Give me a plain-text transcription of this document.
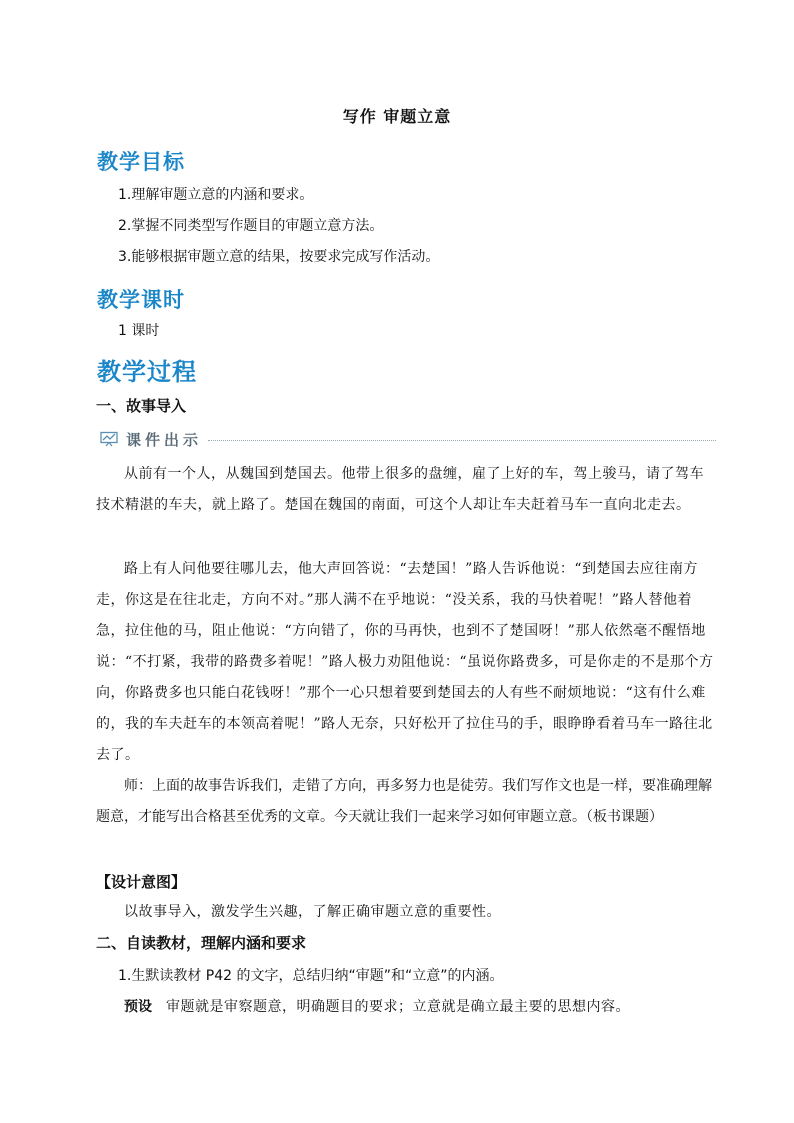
写作 审题立意
教学目标
1.理解审题立意的内涵和要求。
2.掌握不同类型写作题目的审题立意方法。
3.能够根据审题立意的结果，按要求完成写作活动。
教学课时
1 课时
教学过程
一、故事导入
课件出示
从前有一个人，从魏国到楚国去。他带上很多的盘缠，雇了上好的车，驾上骏马，请了驾车技术精湛的车夫，就上路了。楚国在魏国的南面，可这个人却让车夫赶着马车一直向北走去。
路上有人问他要往哪儿去，他大声回答说：“去楚国！”路人告诉他说：“到楚国去应往南方走，你这是在往北走，方向不对。”那人满不在乎地说：“没关系，我的马快着呢！”路人替他着急，拉住他的马，阻止他说：“方向错了，你的马再快，也到不了楚国呀！”那人依然毫不醒悟地说：“不打紧，我带的路费多着呢！”路人极力劝阻他说：“虽说你路费多，可是你走的不是那个方向，你路费多也只能白花钱呀！”那个一心只想着要到楚国去的人有些不耐烦地说：“这有什么难的，我的车夫赶车的本领高着呢！”路人无奈，只好松开了拉住马的手，眼睁睁看着马车一路往北去了。
师：上面的故事告诉我们，走错了方向，再多努力也是徒劳。我们写作文也是一样，要准确理解题意，才能写出合格甚至优秀的文章。今天就让我们一起来学习如何审题立意。（板书课题）
【设计意图】
以故事导入，激发学生兴趣，了解正确审题立意的重要性。
二、自读教材，理解内涵和要求
1.生默读教材 P42 的文字，总结归纳“审题”和“立意”的内涵。
预设 审题就是审察题意，明确题目的要求；立意就是确立最主要的思想内容。
